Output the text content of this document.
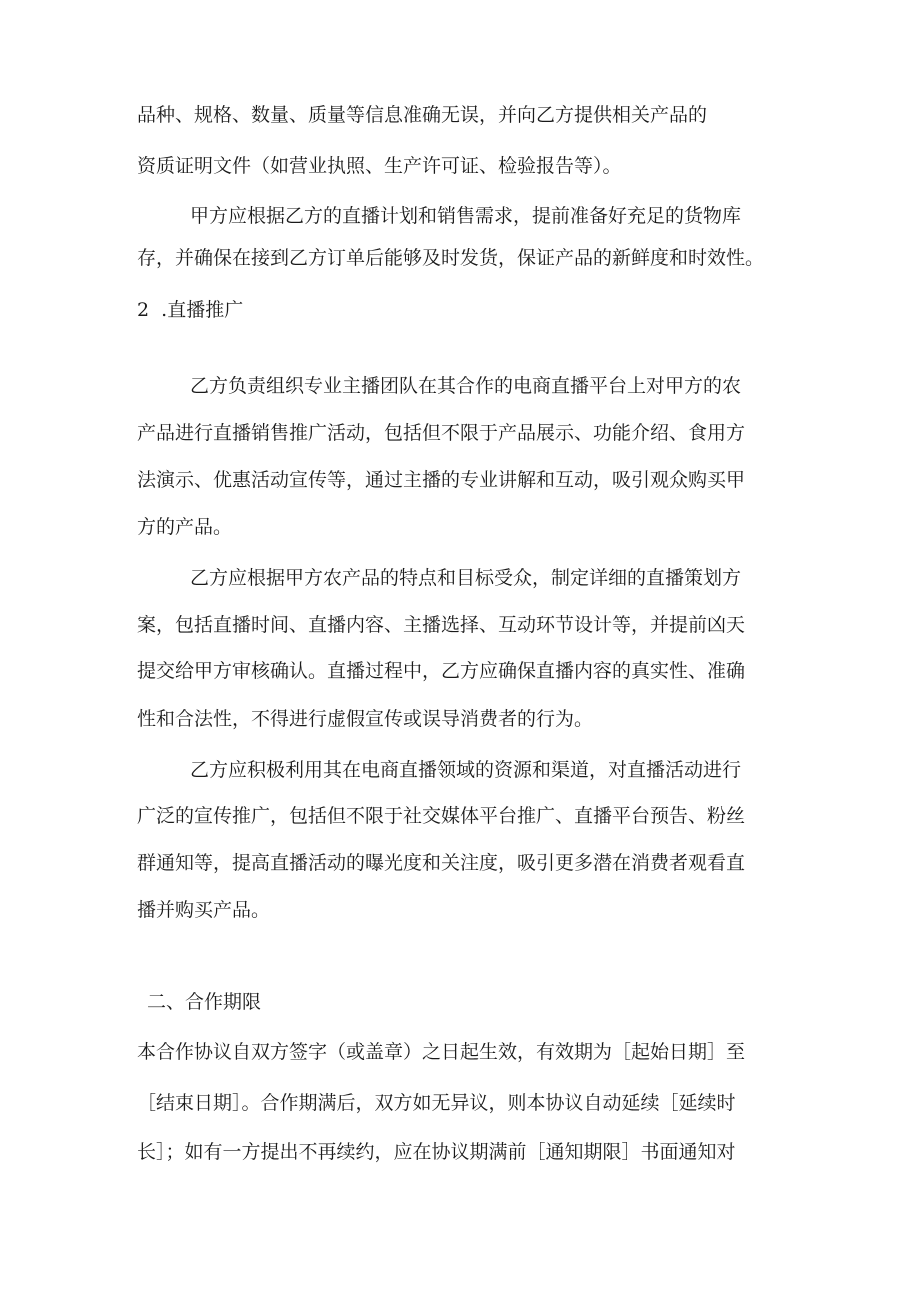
品种、规格、数量、质量等信息准确无误，并向乙方提供相关产品的

资质证明文件（如营业执照、生产许可证、检验报告等）。

甲方应根据乙方的直播计划和销售需求，提前准备好充足的货物库

存，并确保在接到乙方订单后能够及时发货，保证产品的新鲜度和时效性。

2  .直播推广

乙方负责组织专业主播团队在其合作的电商直播平台上对甲方的农

产品进行直播销售推广活动，包括但不限于产品展示、功能介绍、食用方

法演示、优惠活动宣传等，通过主播的专业讲解和互动，吸引观众购买甲

方的产品。

乙方应根据甲方农产品的特点和目标受众，制定详细的直播策划方

案，包括直播时间、直播内容、主播选择、互动环节设计等，并提前凶天

提交给甲方审核确认。直播过程中，乙方应确保直播内容的真实性、准确

性和合法性，不得进行虚假宣传或误导消费者的行为。

乙方应积极利用其在电商直播领域的资源和渠道，对直播活动进行

广泛的宣传推广，包括但不限于社交媒体平台推广、直播平台预告、粉丝

群通知等，提高直播活动的曝光度和关注度，吸引更多潜在消费者观看直

播并购买产品。

二、合作期限

本合作协议自双方签字（或盖章）之日起生效，有效期为［起始日期］至

［结束日期］。合作期满后，双方如无异议，则本协议自动延续［延续时

长］；如有一方提出不再续约，应在协议期满前［通知期限］书面通知对
